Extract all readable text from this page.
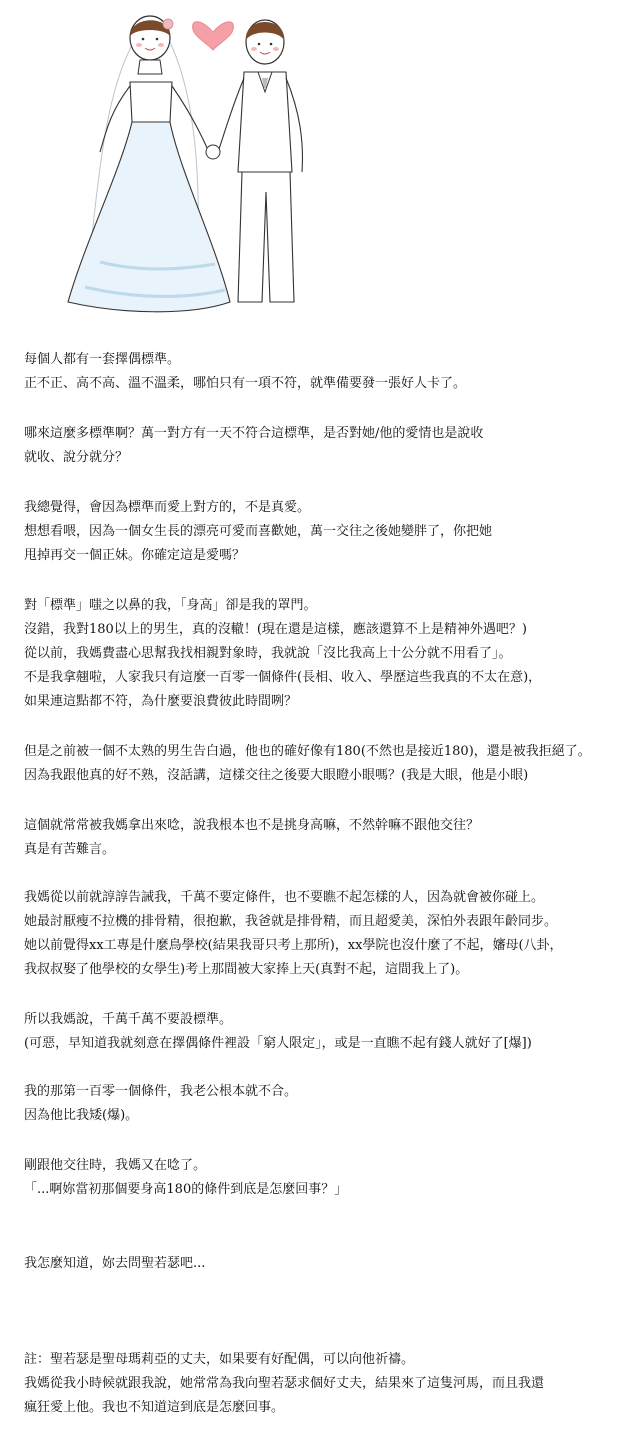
每個人都有一套擇偶標準。
正不正、高不高、溫不溫柔，哪怕只有一項不符，就準備要發一張好人卡了。
哪來這麼多標準啊？萬一對方有一天不符合這標準，是否對她/他的愛情也是說收
就收、說分就分？
我總覺得，會因為標準而愛上對方的，不是真愛。
想想看喂，因為一個女生長的漂亮可愛而喜歡她，萬一交往之後她變胖了，你把她
甩掉再交一個正妹。你確定這是愛嗎？
對「標準」嗤之以鼻的我，「身高」卻是我的罩門。
沒錯，我對180以上的男生，真的沒轍！(現在還是這樣，應該還算不上是精神外遇吧？)
從以前，我媽費盡心思幫我找相親對象時，我就說「沒比我高上十公分就不用看了」。
不是我拿翹啦，人家我只有這麼一百零一個條件(長相、收入、學歷這些我真的不太在意)，
如果連這點都不符，為什麼要浪費彼此時間咧？
但是之前被一個不太熟的男生告白過，他也的確好像有180(不然也是接近180)，還是被我拒絕了。
因為我跟他真的好不熟，沒話講，這樣交往之後要大眼瞪小眼嗎？(我是大眼，他是小眼)
這個就常常被我媽拿出來唸，說我根本也不是挑身高嘛，不然幹嘛不跟他交往？
真是有苦難言。
我媽從以前就諄諄告誡我，千萬不要定條件，也不要瞧不起怎樣的人，因為就會被你碰上。
她最討厭瘦不拉機的排骨精，很抱歉，我爸就是排骨精，而且超愛美，深怕外表跟年齡同步。
她以前覺得xx工專是什麼鳥學校(結果我哥只考上那所)，xx學院也沒什麼了不起，嬸母(八卦，
我叔叔娶了他學校的女學生)考上那間被大家捧上天(真對不起，這間我上了)。
所以我媽說，千萬千萬不要設標準。
(可惡，早知道我就刻意在擇偶條件裡設「窮人限定」，或是一直瞧不起有錢人就好了[爆])
我的那第一百零一個條件，我老公根本就不合。
因為他比我矮(爆)。
剛跟他交往時，我媽又在唸了。
「...啊妳當初那個要身高180的條件到底是怎麼回事？」
我怎麼知道，妳去問聖若瑟吧...
註：聖若瑟是聖母瑪莉亞的丈夫，如果要有好配偶，可以向他祈禱。
我媽從我小時候就跟我說，她常常為我向聖若瑟求個好丈夫，結果來了這隻河馬，而且我還
瘋狂愛上他。我也不知道這到底是怎麼回事。
